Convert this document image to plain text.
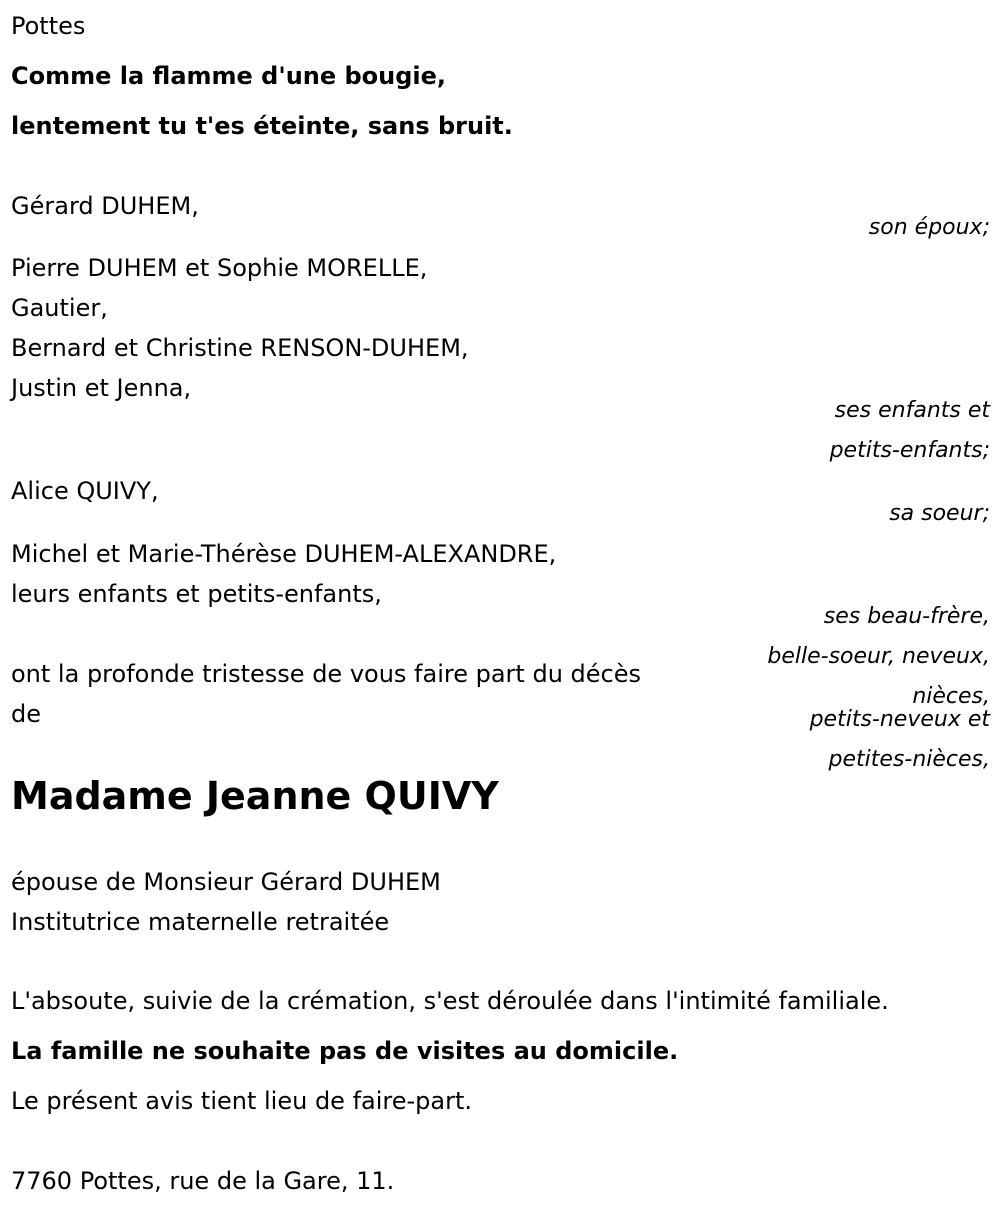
Pottes
Comme la flamme d'une bougie,
lentement tu t'es éteinte, sans bruit.
Gérard DUHEM,
son époux;
Pierre DUHEM et Sophie MORELLE,
Gautier,
Bernard et Christine RENSON-DUHEM,
Justin et Jenna,
ses enfants et
petits-enfants;
Alice QUIVY,
sa soeur;
Michel et Marie-Thérèse DUHEM-ALEXANDRE,
leurs enfants et petits-enfants,
ses beau-frère,
belle-soeur, neveux,
nièces,
petits-neveux et
petites-nièces,
ont la profonde tristesse de vous faire part du décès
de
Madame Jeanne QUIVY
épouse de Monsieur Gérard DUHEM
Institutrice maternelle retraitée
L'absoute, suivie de la crémation, s'est déroulée dans l'intimité familiale.
La famille ne souhaite pas de visites au domicile.
Le présent avis tient lieu de faire-part.
7760 Pottes, rue de la Gare, 11.
